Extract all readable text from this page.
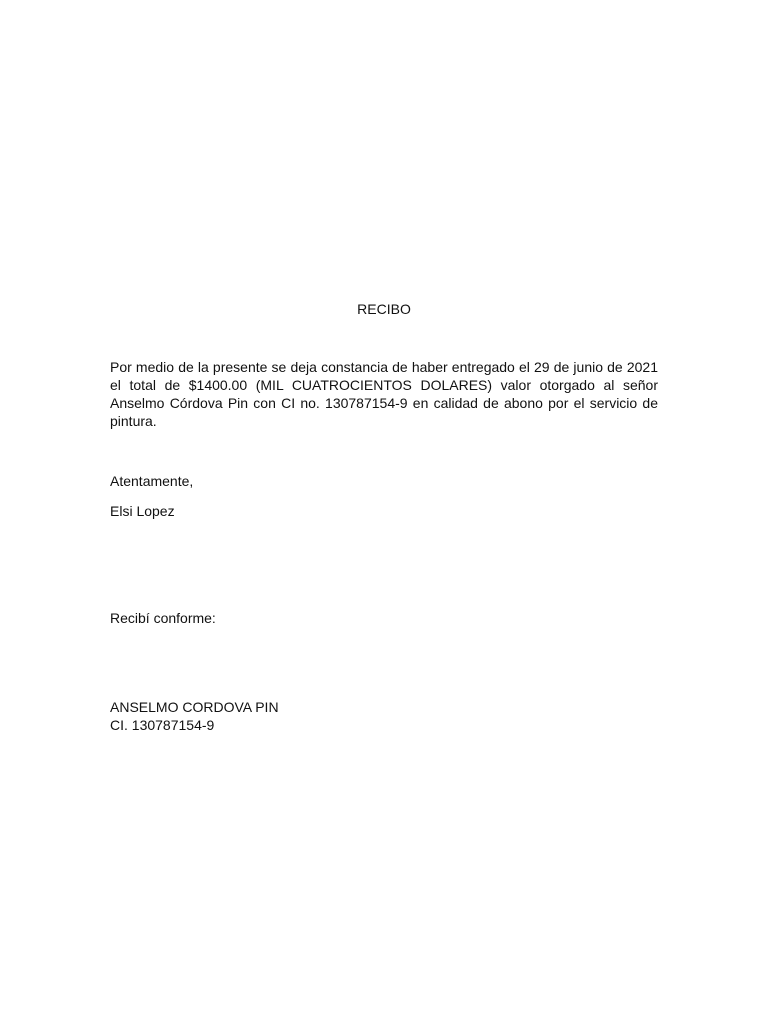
RECIBO
Por medio de la presente se deja constancia de haber entregado el 29 de junio de 2021 el total de $1400.00 (MIL CUATROCIENTOS DOLARES) valor otorgado al señor Anselmo Córdova Pin con CI no. 130787154-9 en calidad de abono por el servicio de pintura.
Atentamente,
Elsi Lopez
Recibí conforme:
ANSELMO CORDOVA PIN
CI. 130787154-9
